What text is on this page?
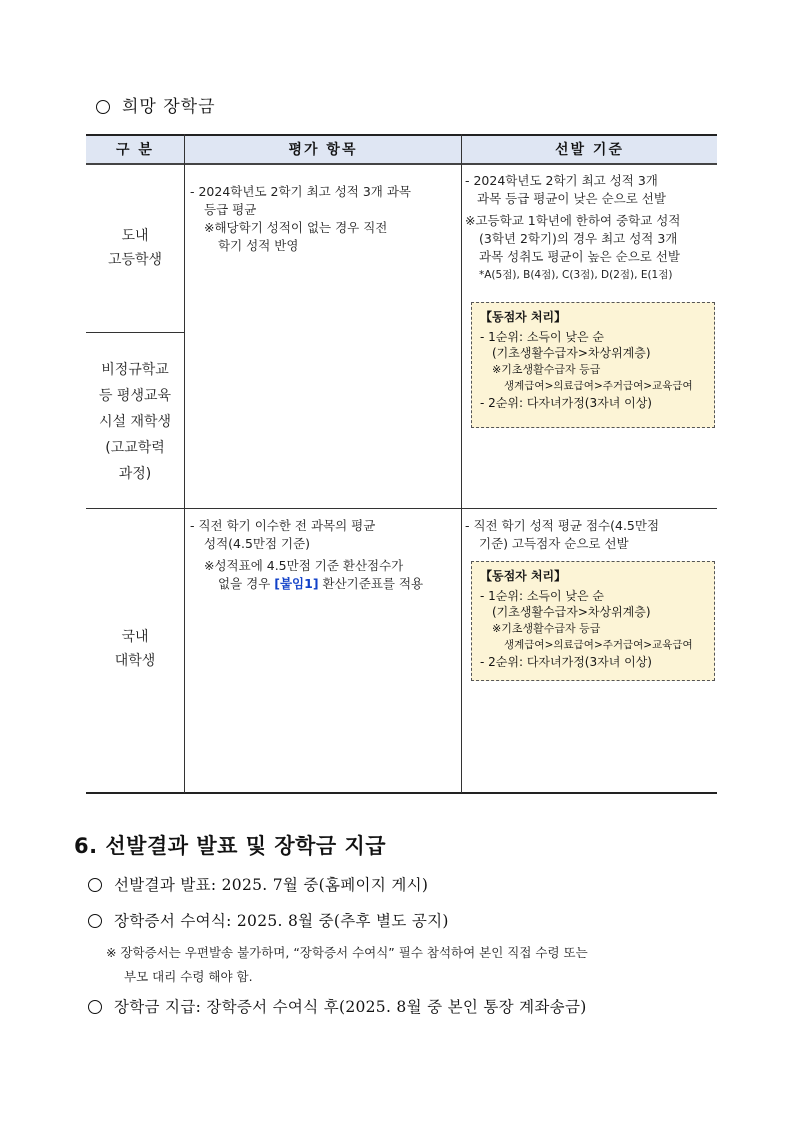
희망 장학금
구 분	평가 항목	선발 기준
도내
고등학생
비정규학교
등 평생교육
시설 재학생
(고교학력
과정)
- 2024학년도 2학기 최고 성적 3개 과목
등급 평균
※해당학기 성적이 없는 경우 직전
학기 성적 반영
- 2024학년도 2학기 최고 성적 3개
과목 등급 평균이 낮은 순으로 선발
※고등학교 1학년에 한하여 중학교 성적
(3학년 2학기)의 경우 최고 성적 3개
과목 성취도 평균이 높은 순으로 선발
*A(5점), B(4점), C(3점), D(2점), E(1점)
【동점자 처리】
- 1순위: 소득이 낮은 순
(기초생활수급자>차상위계층)
※기초생활수급자 등급
생계급여>의료급여>주거급여>교육급여
- 2순위: 다자녀가정(3자녀 이상)
국내
대학생
- 직전 학기 이수한 전 과목의 평균
성적(4.5만점 기준)
※성적표에 4.5만점 기준 환산점수가
없을 경우 [붙임1] 환산기준표를 적용
- 직전 학기 성적 평균 점수(4.5만점
기준) 고득점자 순으로 선발
【동점자 처리】
- 1순위: 소득이 낮은 순
(기초생활수급자>차상위계층)
※기초생활수급자 등급
생계급여>의료급여>주거급여>교육급여
- 2순위: 다자녀가정(3자녀 이상)
6. 선발결과 발표 및 장학금 지급
선발결과 발표: 2025. 7월 중(홈페이지 게시)
장학증서 수여식: 2025. 8월 중(추후 별도 공지)
※ 장학증서는 우편발송 불가하며, “장학증서 수여식” 필수 참석하여 본인 직접 수령 또는
부모 대리 수령 해야 함.
장학금 지급: 장학증서 수여식 후(2025. 8월 중 본인 통장 계좌송금)
